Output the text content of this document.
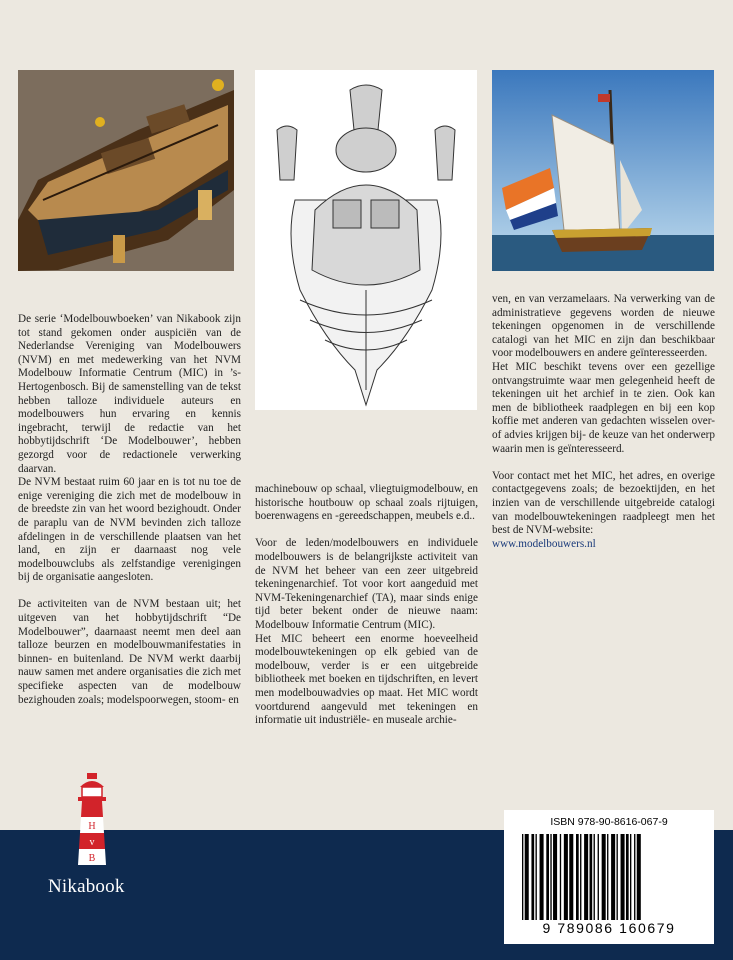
De serie ‘Modelbouwboeken’ van Nikabook zijn tot stand gekomen onder auspiciën van de Nederlandse Vereniging van Modelbouwers (NVM) en met medewerking van het NVM Modelbouw Informatie Centrum (MIC) in ’s-Hertogenbosch. Bij de samenstelling van de tekst hebben talloze individuele auteurs en modelbouwers hun ervaring en kennis ingebracht, terwijl de redactie van het hobbytijdschrift ‘De Modelbouwer’, hebben gezorgd voor de redactionele verwerking daarvan.

De NVM bestaat ruim 60 jaar en is tot nu toe de enige vereniging die zich met de modelbouw in de breedste zin van het woord bezighoudt. Onder de paraplu van de NVM bevinden zich talloze afdelingen in de verschillende plaatsen van het land, en zijn er daarnaast nog vele modelbouwclubs als zelfstandige verenigingen bij de organisatie aangesloten.

De activiteiten van de NVM bestaan uit; het uitgeven van het hobbytijdschrift “De Modelbouwer”, daarnaast neemt men deel aan talloze beurzen en modelbouwmanifestaties in binnen- en buitenland. De NVM werkt daarbij nauw samen met andere organisaties die zich met specifieke aspecten van de modelbouw bezighouden zoals; modelspoorwegen, stoom- en

machinebouw op schaal, vliegtuigmodelbouw, en historische houtbouw op schaal zoals rijtuigen, boerenwagens en -gereedschappen, meubels e.d..

Voor de leden/modelbouwers en individuele modelbouwers is de belangrijkste activiteit van de NVM het beheer van een zeer uitgebreid tekeningenarchief. Tot voor kort aangeduid met NVM-Tekeningenarchief (TA), maar sinds enige tijd beter bekent onder de nieuwe naam: Modelbouw Informatie Centrum (MIC).

Het MIC beheert een enorme hoeveelheid modelbouwtekeningen op elk gebied van de modelbouw, verder is er een uitgebreide bibliotheek met boeken en tijdschriften, en levert men modelbouwadvies op maat. Het MIC wordt voortdurend aangevuld met tekeningen en informatie uit industriële- en museale archie-

ven, en van verzamelaars. Na verwerking van de administratieve gegevens worden de nieuwe tekeningen opgenomen in de verschillende catalogi van het MIC en zijn dan beschikbaar voor modelbouwers en andere geïnteresseerden.

Het MIC beschikt tevens over een gezellige ontvangstruimte waar men gelegenheid heeft de tekeningen uit het archief in te zien. Ook kan men de bibliotheek raadplegen en bij een kop koffie met anderen van gedachten wisselen over- of advies krijgen bij- de keuze van het onderwerp waarin men is geïnteresseerd.

Voor contact met het MIC, het adres, en overige contactgegevens zoals; de bezoektijden, en het inzien van de verschillende uitgebreide catalogi van modelbouwtekeningen raadpleegt men het best de NVM-website:

www.modelbouwers.nl

H
v
B
Nikabook
ISBN 978-90-8616-067-9
9 789086 160679
